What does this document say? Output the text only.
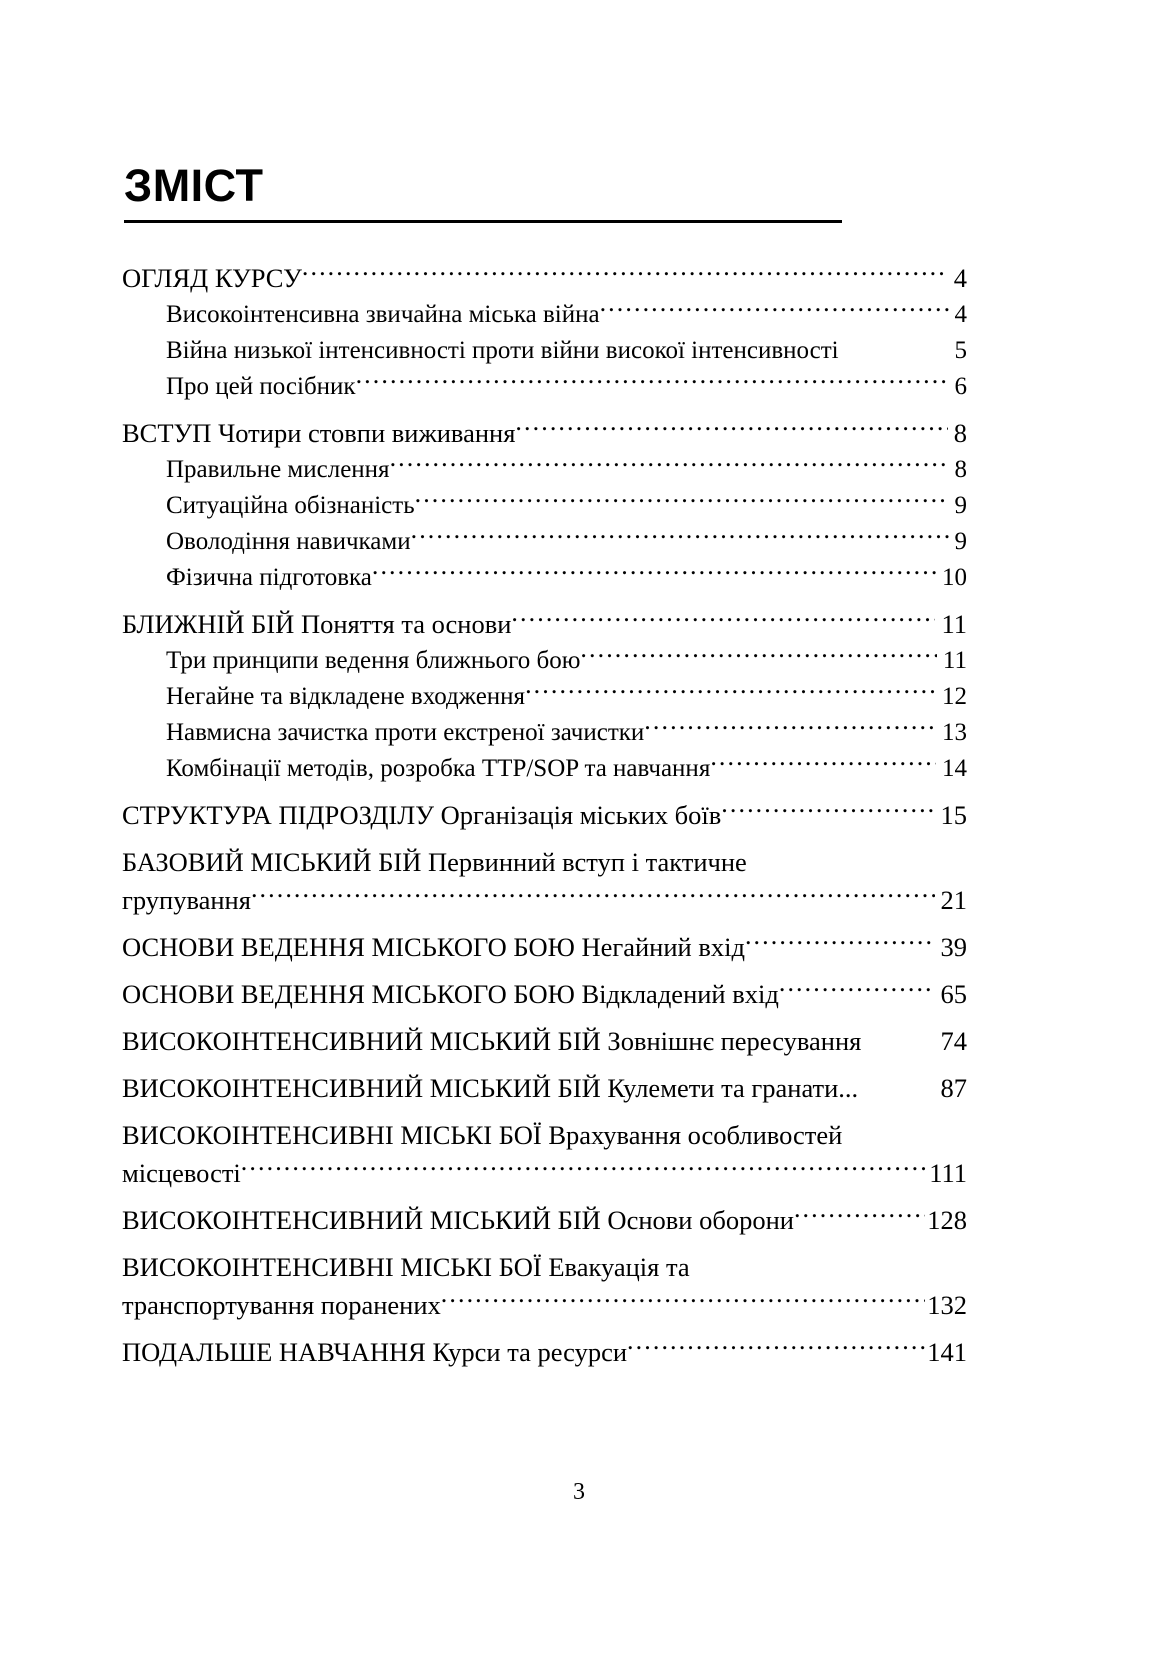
ЗМІСТ
ОГЛЯД КУРСУ .....	4
Високоінтенсивна звичайна міська війна .....	4
Війна низької інтенсивності проти війни високої інтенсивності	5
Про цей посібник .....	6
ВСТУП Чотири стовпи виживання .....	8
Правильне мислення .....	8
Ситуаційна обізнаність .....	9
Оволодіння навичками .....	9
Фізична підготовка .....	10
БЛИЖНІЙ БІЙ Поняття та основи .....	11
Три принципи ведення ближнього бою .....	11
Негайне та відкладене входження .....	12
Навмисна зачистка проти екстреної зачистки .....	13
Комбінації методів, розробка TTP/SOP та навчання .....	14
СТРУКТУРА ПІДРОЗДІЛУ Організація міських боїв .....	15
БАЗОВИЙ МІСЬКИЙ БІЙ Первинний вступ і тактичне
групування .....	21
ОСНОВИ ВЕДЕННЯ МІСЬКОГО БОЮ Негайний вхід .....	39
ОСНОВИ ВЕДЕННЯ МІСЬКОГО БОЮ Відкладений вхід .....	65
ВИСОКОІНТЕНСИВНИЙ МІСЬКИЙ БІЙ Зовнішнє пересування	74
ВИСОКОІНТЕНСИВНИЙ МІСЬКИЙ БІЙ Кулемети та гранати...	87
ВИСОКОІНТЕНСИВНІ МІСЬКІ БОЇ Врахування особливостей
місцевості .....	111
ВИСОКОІНТЕНСИВНИЙ МІСЬКИЙ БІЙ Основи оборони .....	128
ВИСОКОІНТЕНСИВНІ МІСЬКІ БОЇ Евакуація та
транспортування поранених .....	132
ПОДАЛЬШЕ НАВЧАННЯ Курси та ресурси .....	141
3
